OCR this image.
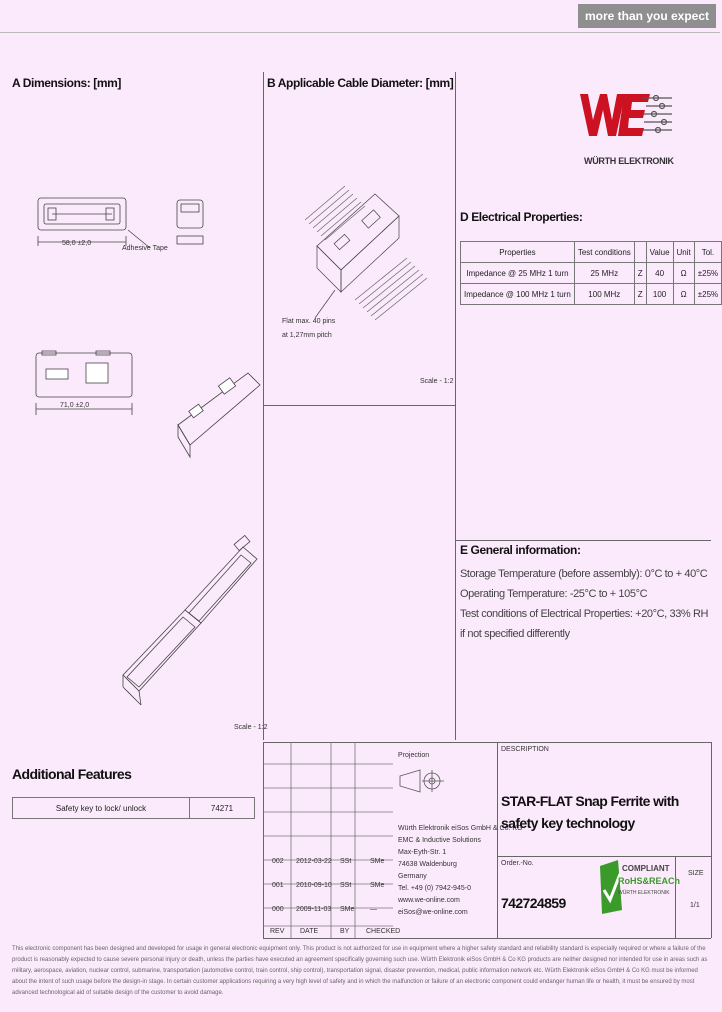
more than you expect
A Dimensions: [mm]	B Applicable Cable Diameter: [mm]
D Electrical Properties:
E General information:
WÜRTH ELEKTRONIK
58,0 ±2,0
Adhesive Tape
71,0 ±2,0
Scale - 1:2
Flat max. 40 pins
at 1,27mm pitch
Scale - 1:2
Properties	Test conditions		Value	Unit	Tol.
Impedance @ 25 MHz 1 turn	25 MHz	Z	40	Ω	±25%
Impedance @ 100 MHz 1 turn	100 MHz	Z	100	Ω	±25%
Storage Temperature (before assembly): 0°C to + 40°C
Operating Temperature: -25°C to + 105°C
Test conditions of Electrical Properties: +20°C, 33% RH
if not specified differently
Additional Features
Safety key to lock/ unlock	74271
002 2012-03-22 SSt	SMe
001 2010-09-10 SSt	SMe
000 2009-11-03 SMe —
REV DATE	BY CHECKED
Projection
Würth Elektronik eiSos GmbH & Co. KG
EMC & Inductive Solutions
Max-Eyth-Str. 1
74638 Waldenburg
Germany
Tel. +49 (0) 7942-945-0
www.we-online.com
eiSos@we-online.com
DESCRIPTION
STAR-FLAT Snap Ferrite with safety key technology
Order.-No.
742724859
SIZE
1/1
COMPLIANT
RoHS&REACh
WÜRTH ELEKTRONIK
This electronic component has been designed and developed for usage in general electronic equipment only. This product is not authorized for use in equipment where a higher safety standard and reliability standard is especially required or where a failure of the product is reasonably expected to cause severe personal injury or death, unless the parties have executed an agreement specifically governing such use. Würth Elektronik eiSos GmbH & Co KG products are neither designed nor intended for use in areas such as military, aerospace, aviation, nuclear control, submarine, transportation (automotive control, train control, ship control), transportation signal, disaster prevention, medical, public information network etc. Würth Elektronik eiSos GmbH & Co KG must be informed about the intent of such usage before the design-in stage. In certain customer applications requiring a very high level of safety and in which the malfunction or failure of an electronic component could endanger human life or health, it must be ensured by most advanced technological aid of suitable design of the customer to avoid damage.
